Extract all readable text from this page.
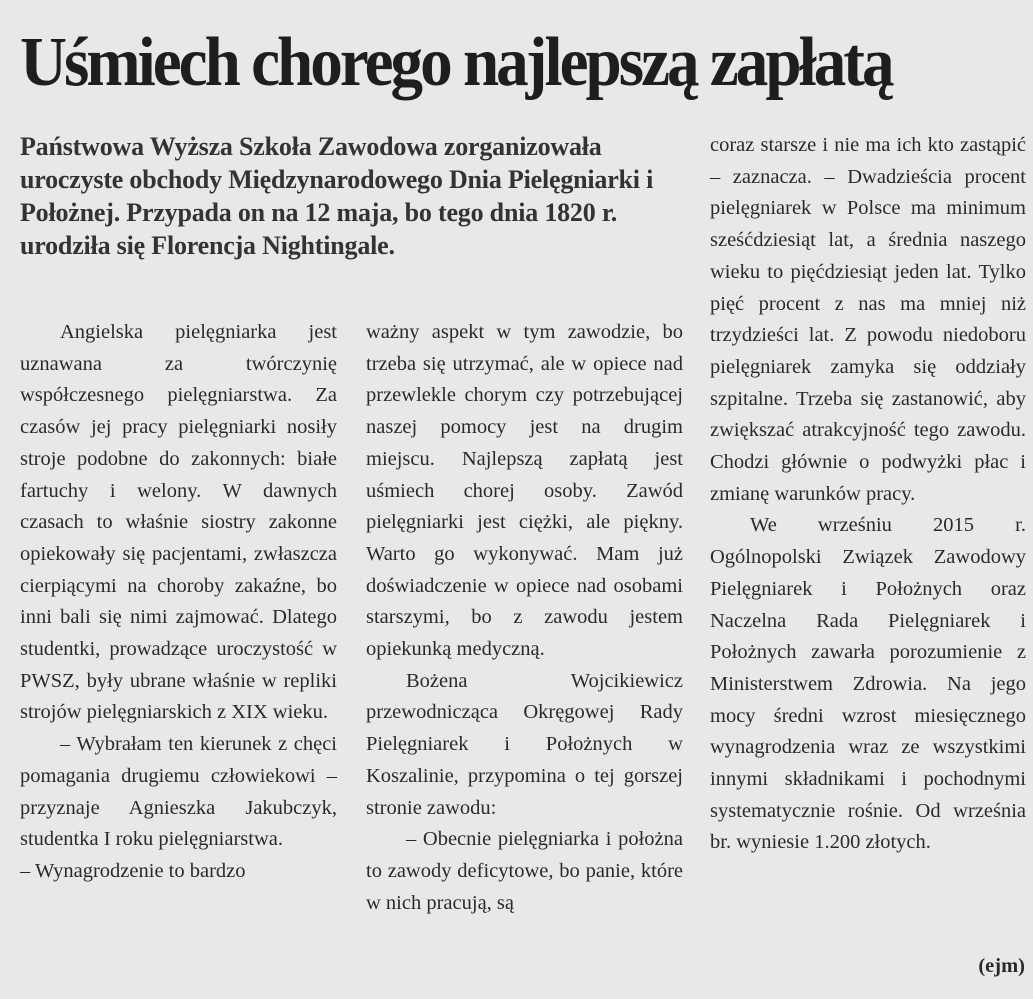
Uśmiech chorego najlepszą zapłatą
Państwowa Wyższa Szkoła Zawodowa zorganizowała uroczyste obchody Międzynarodowego Dnia Pielęgniarki i Położnej. Przypada on na 12 maja, bo tego dnia 1820 r. urodziła się Florencja Nightingale.

Angielska pielęgniarka jest uznawana za twórczynię współczesnego pielęgniarstwa. Za czasów jej pracy pielęgniarki nosiły stroje podobne do zakonnych: białe fartuchy i welony. W dawnych czasach to właśnie siostry zakonne opiekowały się pacjentami, zwłaszcza cierpiącymi na choroby zakaźne, bo inni bali się nimi zajmować. Dlatego studentki, prowadzące uroczystość w PWSZ, były ubrane właśnie w repliki strojów pielęgniarskich z XIX wieku.

– Wybrałam ten kierunek z chęci pomagania drugiemu człowiekowi – przyznaje Agnieszka Jakubczyk, studentka I roku pielęgniarstwa.

– Wynagrodzenie to bardzo

ważny aspekt w tym zawodzie, bo trzeba się utrzymać, ale w opiece nad przewlekle chorym czy potrzebującej naszej pomocy jest na drugim miejscu. Najlepszą zapłatą jest uśmiech chorej osoby. Zawód pielęgniarki jest ciężki, ale piękny. Warto go wykonywać. Mam już doświadczenie w opiece nad osobami starszymi, bo z zawodu jestem opiekunką medyczną.

Bożena Wojcikiewicz przewodnicząca Okręgowej Rady Pielęgniarek i Położnych w Koszalinie, przypomina o tej gorszej stronie zawodu:

– Obecnie pielęgniarka i położna to zawody deficytowe, bo panie, które w nich pracują, są

coraz starsze i nie ma ich kto zastąpić – zaznacza. – Dwadzieścia procent pielęgniarek w Polsce ma minimum sześćdziesiąt lat, a średnia naszego wieku to pięćdziesiąt jeden lat. Tylko pięć procent z nas ma mniej niż trzydzieści lat. Z powodu niedoboru pielęgniarek zamyka się oddziały szpitalne. Trzeba się zastanowić, aby zwiększać atrakcyjność tego zawodu. Chodzi głównie o podwyżki płac i zmianę warunków pracy.

We wrześniu 2015 r. Ogólnopolski Związek Zawodowy Pielęgniarek i Położnych oraz Naczelna Rada Pielęgniarek i Położnych zawarła porozumienie z Ministerstwem Zdrowia. Na jego mocy średni wzrost miesięcznego wynagrodzenia wraz ze wszystkimi innymi składnikami i pochodnymi systematycznie rośnie. Od września br. wyniesie 1.200 złotych.

(ejm)
